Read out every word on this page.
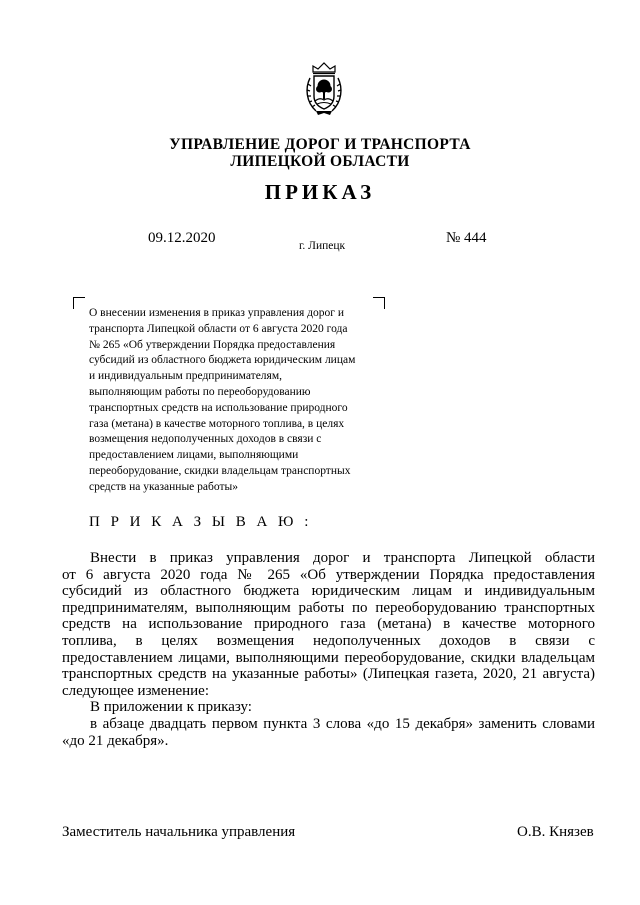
УПРАВЛЕНИЕ ДОРОГ И ТРАНСПОРТА
ЛИПЕЦКОЙ ОБЛАСТИ
ПРИКАЗ
09.12.2020	г. Липецк	№ 444
О внесении изменения в приказ управления дорог и
транспорта Липецкой области от 6 августа 2020 года
№ 265 «Об утверждении Порядка предоставления
субсидий из областного бюджета юридическим лицам
и индивидуальным предпринимателям,
выполняющим работы по переоборудованию
транспортных средств на использование природного
газа (метана) в качестве моторного топлива, в целях
возмещения недополученных доходов в связи с
предоставлением лицами, выполняющими
переоборудование, скидки владельцам транспортных
средств на указанные работы»
П Р И К А З Ы В А Ю :
Внести в приказ управления дорог и транспорта Липецкой области
от 6 августа 2020 года № 265 «Об утверждении Порядка предоставления
субсидий из областного бюджета юридическим лицам и индивидуальным
предпринимателям, выполняющим работы по переоборудованию транспортных
средств на использование природного газа (метана) в качестве моторного
топлива, в целях возмещения недополученных доходов в связи с
предоставлением лицами, выполняющими переоборудование, скидки владельцам
транспортных средств на указанные работы» (Липецкая газета, 2020, 21 августа)
следующее изменение:
В приложении к приказу:
в абзаце двадцать первом пункта 3 слова «до 15 декабря» заменить словами
«до 21 декабря».
Заместитель начальника управления	О.В. Князев
